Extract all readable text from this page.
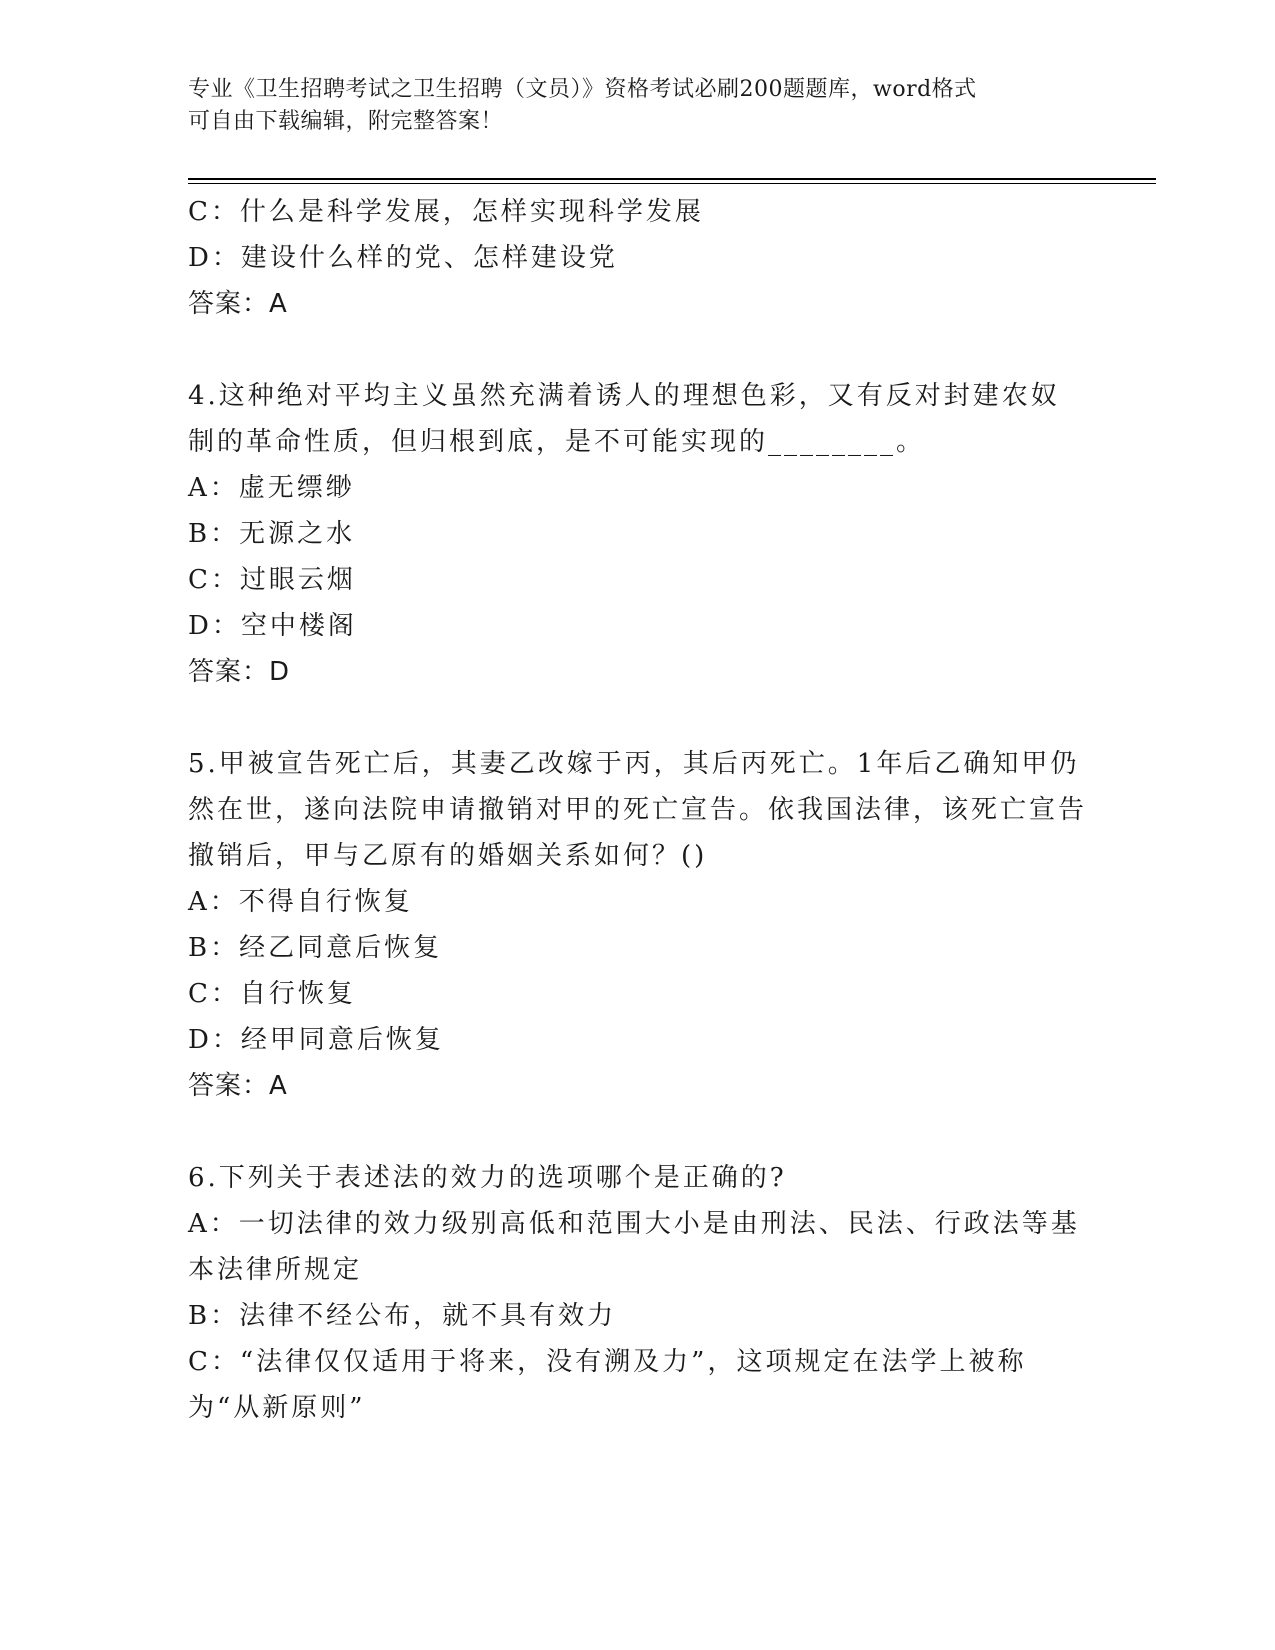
专业《卫生招聘考试之卫生招聘（文员）》资格考试必刷200题题库，word格式
可自由下载编辑，附完整答案！
C：什么是科学发展，怎样实现科学发展
D：建设什么样的党、怎样建设党
答案：A
4.这种绝对平均主义虽然充满着诱人的理想色彩，又有反对封建农奴制的革命性质，但归根到底，是不可能实现的________。
A：虚无缥缈
B：无源之水
C：过眼云烟
D：空中楼阁
答案：D
5.甲被宣告死亡后，其妻乙改嫁于丙，其后丙死亡。1年后乙确知甲仍然在世，遂向法院申请撤销对甲的死亡宣告。依我国法律，该死亡宣告撤销后，甲与乙原有的婚姻关系如何？()
A：不得自行恢复
B：经乙同意后恢复
C：自行恢复
D：经甲同意后恢复
答案：A
6.下列关于表述法的效力的选项哪个是正确的?
A：一切法律的效力级别高低和范围大小是由刑法、民法、行政法等基本法律所规定
B：法律不经公布，就不具有效力
C：“法律仅仅适用于将来，没有溯及力”，这项规定在法学上被称为“从新原则”
